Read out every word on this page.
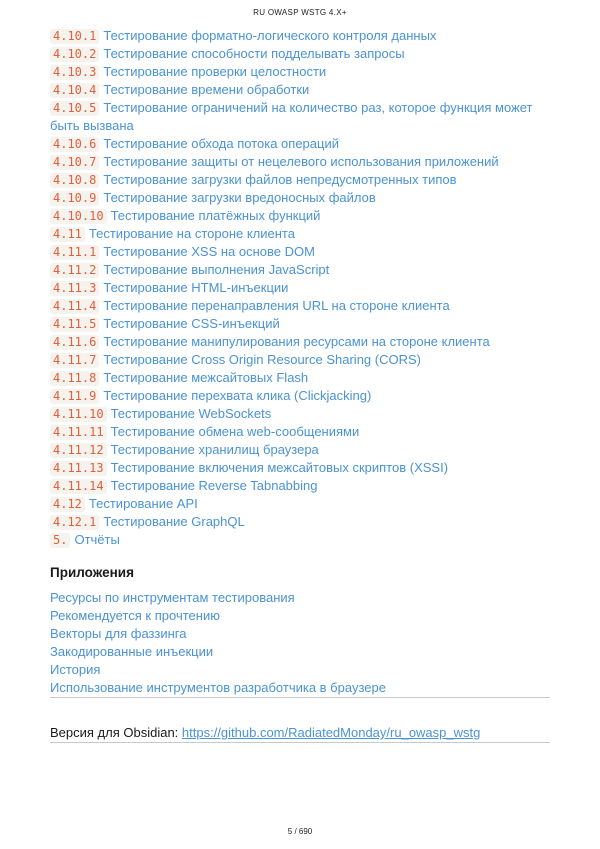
RU OWASP WSTG 4.X+
4.10.1 Тестирование форматно-логического контроля данных
4.10.2 Тестирование способности подделывать запросы
4.10.3 Тестирование проверки целостности
4.10.4 Тестирование времени обработки
4.10.5 Тестирование ограничений на количество раз, которое функция может быть вызвана
4.10.6 Тестирование обхода потока операций
4.10.7 Тестирование защиты от нецелевого использования приложений
4.10.8 Тестирование загрузки файлов непредусмотренных типов
4.10.9 Тестирование загрузки вредоносных файлов
4.10.10 Тестирование платёжных функций
4.11 Тестирование на стороне клиента
4.11.1 Тестирование XSS на основе DOM
4.11.2 Тестирование выполнения JavaScript
4.11.3 Тестирование HTML-инъекции
4.11.4 Тестирование перенаправления URL на стороне клиента
4.11.5 Тестирование CSS-инъекций
4.11.6 Тестирование манипулирования ресурсами на стороне клиента
4.11.7 Тестирование Cross Origin Resource Sharing (CORS)
4.11.8 Тестирование межсайтовых Flash
4.11.9 Тестирование перехвата клика (Clickjacking)
4.11.10 Тестирование WebSockets
4.11.11 Тестирование обмена web-сообщениями
4.11.12 Тестирование хранилищ браузера
4.11.13 Тестирование включения межсайтовых скриптов (XSSI)
4.11.14 Тестирование Reverse Tabnabbing
4.12 Тестирование API
4.12.1 Тестирование GraphQL
5. Отчёты
Приложения
Ресурсы по инструментам тестирования
Рекомендуется к прочтению
Векторы для фаззинга
Закодированные инъекции
История
Использование инструментов разработчика в браузере

Версия для Obsidian: https://github.com/RadiatedMonday/ru_owasp_wstg

5 / 690
